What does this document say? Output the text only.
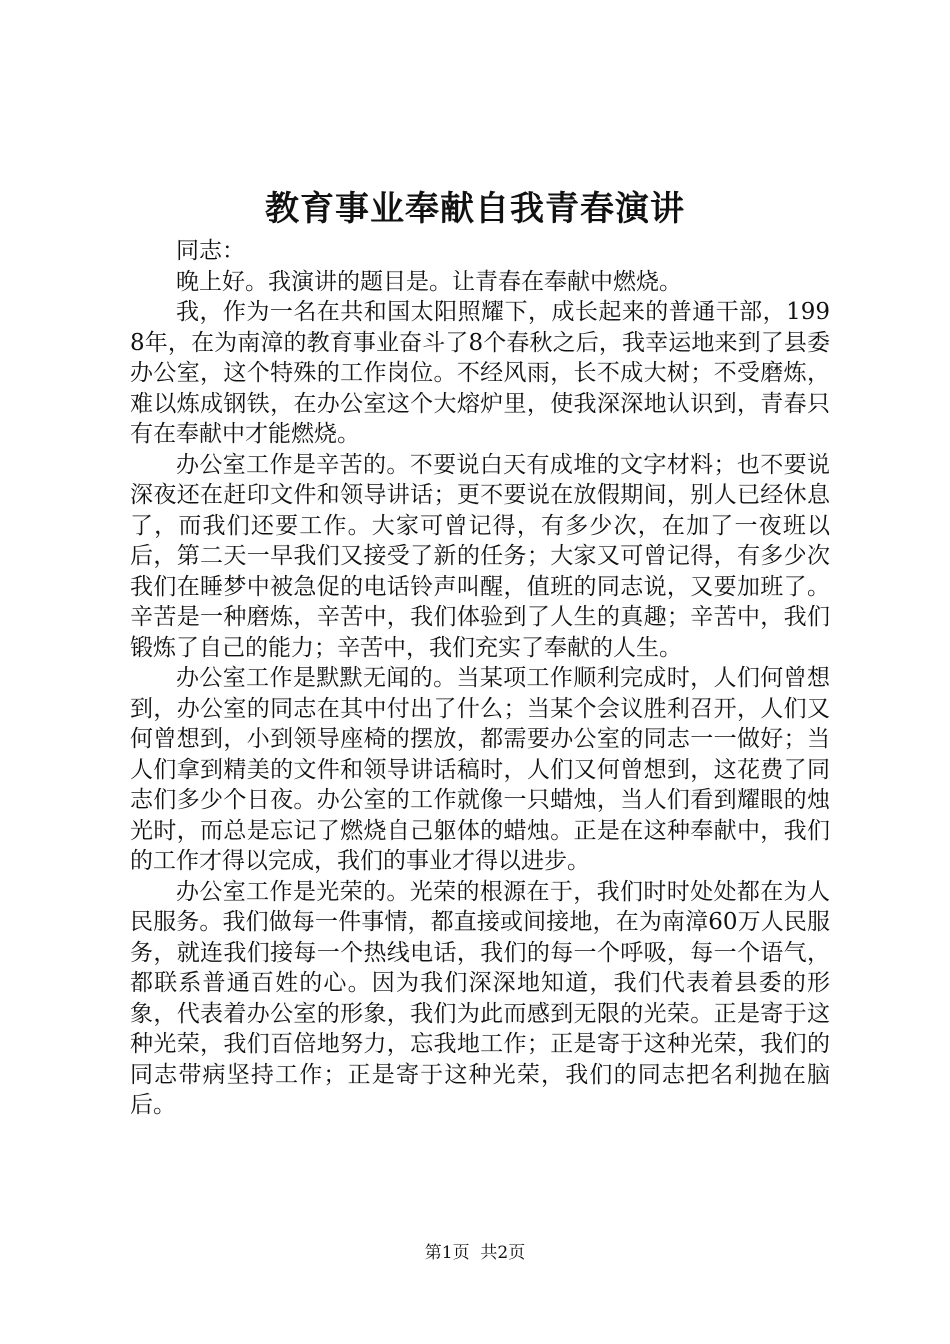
教育事业奉献自我青春演讲

同志：

晚上好。我演讲的题目是。让青春在奉献中燃烧。

我，作为一名在共和国太阳照耀下，成长起来的普通干部，1998年，在为南漳的教育事业奋斗了8个春秋之后，我幸运地来到了县委办公室，这个特殊的工作岗位。不经风雨，长不成大树；不受磨炼，难以炼成钢铁，在办公室这个大熔炉里，使我深深地认识到，青春只有在奉献中才能燃烧。

办公室工作是辛苦的。不要说白天有成堆的文字材料；也不要说深夜还在赶印文件和领导讲话；更不要说在放假期间，别人已经休息了，而我们还要工作。大家可曾记得，有多少次，在加了一夜班以后，第二天一早我们又接受了新的任务；大家又可曾记得，有多少次我们在睡梦中被急促的电话铃声叫醒，值班的同志说，又要加班了。辛苦是一种磨炼，辛苦中，我们体验到了人生的真趣；辛苦中，我们锻炼了自己的能力；辛苦中，我们充实了奉献的人生。

办公室工作是默默无闻的。当某项工作顺利完成时，人们何曾想到，办公室的同志在其中付出了什么；当某个会议胜利召开，人们又何曾想到，小到领导座椅的摆放，都需要办公室的同志一一做好；当人们拿到精美的文件和领导讲话稿时，人们又何曾想到，这花费了同志们多少个日夜。办公室的工作就像一只蜡烛，当人们看到耀眼的烛光时，而总是忘记了燃烧自己躯体的蜡烛。正是在这种奉献中，我们的工作才得以完成，我们的事业才得以进步。

办公室工作是光荣的。光荣的根源在于，我们时时处处都在为人民服务。我们做每一件事情，都直接或间接地，在为南漳60万人民服务，就连我们接每一个热线电话，我们的每一个呼吸，每一个语气，都联系普通百姓的心。因为我们深深地知道，我们代表着县委的形象，代表着办公室的形象，我们为此而感到无限的光荣。正是寄于这种光荣，我们百倍地努力，忘我地工作；正是寄于这种光荣，我们的同志带病坚持工作；正是寄于这种光荣，我们的同志把名利抛在脑后。

第1页 共2页
